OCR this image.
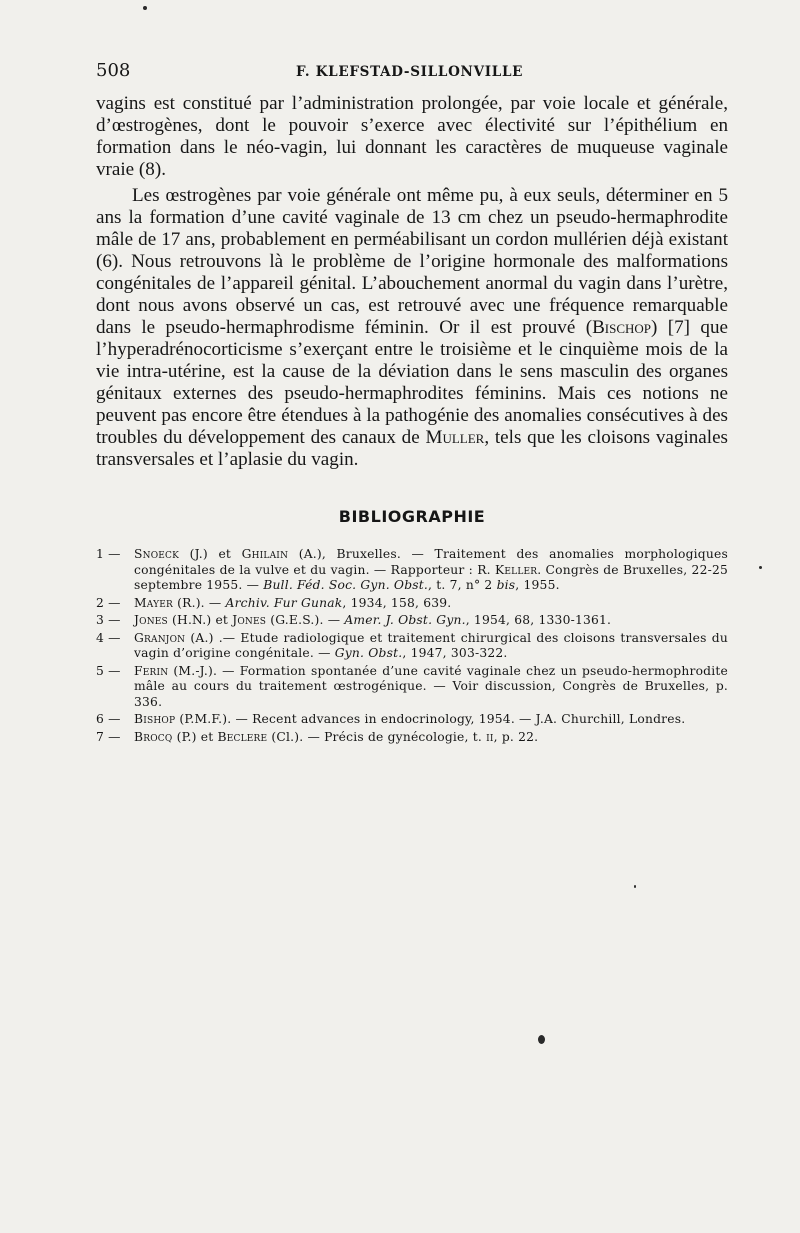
508	F. KLEFSTAD-SILLONVILLE

vagins est constitué par l’administration prolongée, par voie locale et générale, d’œstrogènes, dont le pouvoir s’exerce avec électivité sur l’épithélium en formation dans le néo-vagin, lui donnant les caractères de muqueuse vaginale vraie (8).

Les œstrogènes par voie générale ont même pu, à eux seuls, déterminer en 5 ans la formation d’une cavité vaginale de 13 cm chez un pseudo-hermaphrodite mâle de 17 ans, probablement en perméabilisant un cordon mullérien déjà existant (6). Nous retrouvons là le problème de l’origine hormonale des malformations congénitales de l’appareil génital. L’abouchement anormal du vagin dans l’urètre, dont nous avons observé un cas, est retrouvé avec une fréquence remarquable dans le pseudo-hermaphrodisme féminin. Or il est prouvé (Bischop) [7] que l’hyperadrénocorticisme s’exerçant entre le troisième et le cinquième mois de la vie intra-utérine, est la cause de la déviation dans le sens masculin des organes génitaux externes des pseudo-hermaphrodites féminins. Mais ces notions ne peuvent pas encore être étendues à la pathogénie des anomalies consécutives à des troubles du développement des canaux de Muller, tels que les cloisons vaginales transversales et l’aplasie du vagin.

BIBLIOGRAPHIE
1 — Snoeck (J.) et Ghilain (A.), Bruxelles. — Traitement des anomalies morphologiques congénitales de la vulve et du vagin. — Rapporteur : R. Keller. Congrès de Bruxelles, 22-25 septembre 1955. — Bull. Féd. Soc. Gyn. Obst., t. 7, n° 2 bis, 1955.
2 — Mayer (R.). — Archiv. Fur Gunak, 1934, 158, 639.
3 — Jones (H.N.) et Jones (G.E.S.). — Amer. J. Obst. Gyn., 1954, 68, 1330-1361.
4 — Granjon (A.) .— Etude radiologique et traitement chirurgical des cloisons transversales du vagin d’origine congénitale. — Gyn. Obst., 1947, 303-322.
5 — Ferin (M.-J.). — Formation spontanée d’une cavité vaginale chez un pseudo-hermophrodite mâle au cours du traitement œstrogénique. — Voir discussion, Congrès de Bruxelles, p. 336.
6 — Bishop (P.M.F.). — Recent advances in endocrinology, 1954. — J.A. Churchill, Londres.
7 — Brocq (P.) et Beclere (Cl.). — Précis de gynécologie, t. ii, p. 22.
